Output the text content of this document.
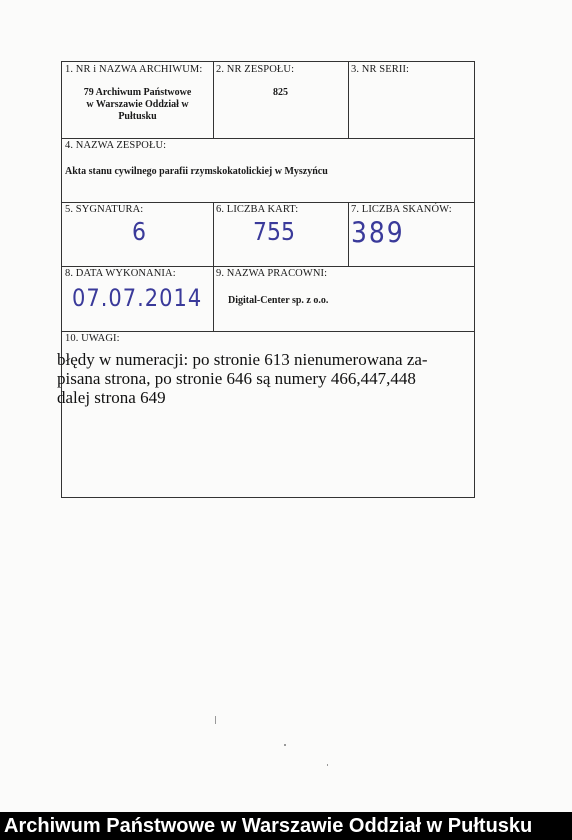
1. NR i NAZWA ARCHIWUM:
79 Archiwum Państwowe
w Warszawie Oddział w
Pułtusku
2. NR ZESPOŁU:
825
3. NR SERII:
4. NAZWA ZESPOŁU:
Akta stanu cywilnego parafii rzymskokatolickiej w Myszyńcu
5. SYGNATURA:
6
6. LICZBA KART:
755
7. LICZBA SKANÓW:
389
8. DATA WYKONANIA:
07.07.2014
9. NAZWA PRACOWNI:
Digital-Center sp. z o.o.
10. UWAGI:
błędy w numeracji: po stronie 613 nienumerowana za-
pisana strona, po stronie 646 są numery 466,447,448
dalej strona 649
Archiwum Państwowe w Warszawie Oddział w Pułtusku
